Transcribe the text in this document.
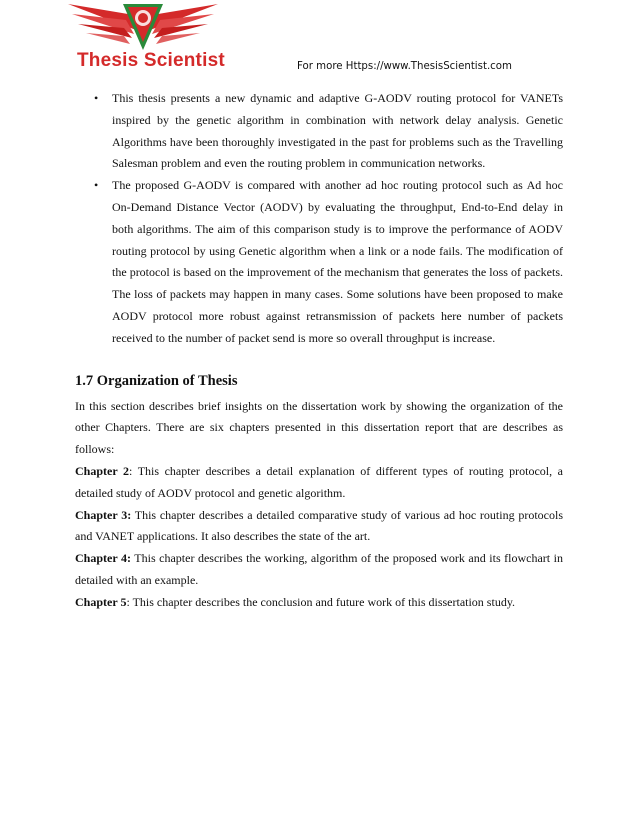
Thesis Scientist	For more Https://www.ThesisScientist.com
• This thesis presents a new dynamic and adaptive G-AODV routing protocol for VANETs inspired by the genetic algorithm in combination with network delay analysis. Genetic Algorithms have been thoroughly investigated in the past for problems such as the Travelling Salesman problem and even the routing problem in communication networks.
• The proposed G-AODV is compared with another ad hoc routing protocol such as Ad hoc On-Demand Distance Vector (AODV) by evaluating the throughput, End-to-End delay in both algorithms. The aim of this comparison study is to improve the performance of AODV routing protocol by using Genetic algorithm when a link or a node fails. The modification of the protocol is based on the improvement of the mechanism that generates the loss of packets. The loss of packets may happen in many cases. Some solutions have been proposed to make AODV protocol more robust against retransmission of packets here number of packets received to the number of packet send is more so overall throughput is increase.
1.7 Organization of Thesis

In this section describes brief insights on the dissertation work by showing the organization of the other Chapters. There are six chapters presented in this dissertation report that are describes as follows:

Chapter 2: This chapter describes a detail explanation of different types of routing protocol, a detailed study of AODV protocol and genetic algorithm.

Chapter 3: This chapter describes a detailed comparative study of various ad hoc routing protocols and VANET applications. It also describes the state of the art.

Chapter 4: This chapter describes the working, algorithm of the proposed work and its flowchart in detailed with an example.

Chapter 5: This chapter describes the conclusion and future work of this dissertation study.
